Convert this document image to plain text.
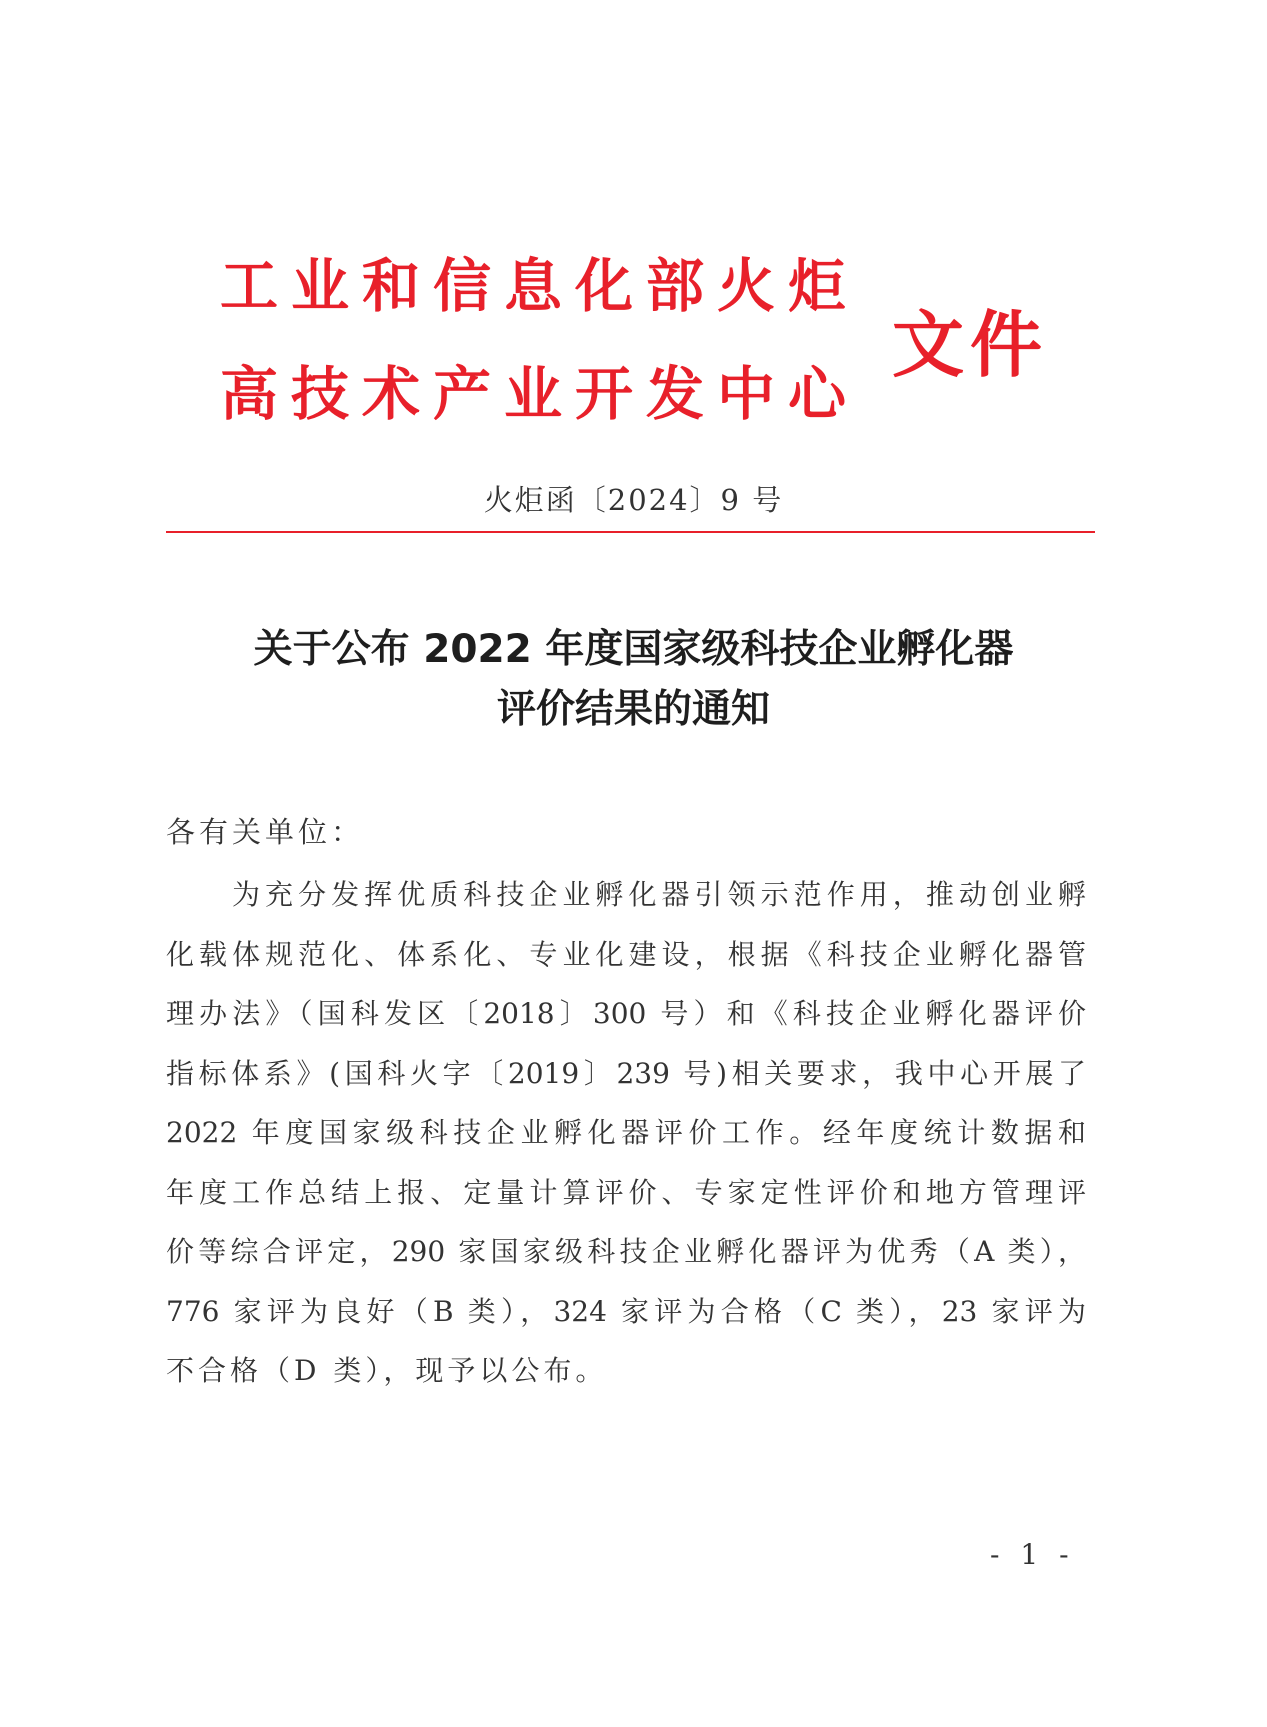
工业和信息化部火炬
高技术产业开发中心
文件
火炬函〔2024〕9 号
关于公布 2022 年度国家级科技企业孵化器
评价结果的通知
各有关单位：
为充分发挥优质科技企业孵化器引领示范作用，推动创业孵
化载体规范化、体系化、专业化建设，根据《科技企业孵化器管
理办法》（国科发区〔2018〕300 号）和《科技企业孵化器评价
指标体系》(国科火字〔2019〕239 号)相关要求，我中心开展了
2022 年度国家级科技企业孵化器评价工作。经年度统计数据和
年度工作总结上报、定量计算评价、专家定性评价和地方管理评
价等综合评定，290 家国家级科技企业孵化器评为优秀（A 类），
776 家评为良好（B 类），324 家评为合格（C 类），23 家评为
不合格（D 类），现予以公布。
- 1 -
